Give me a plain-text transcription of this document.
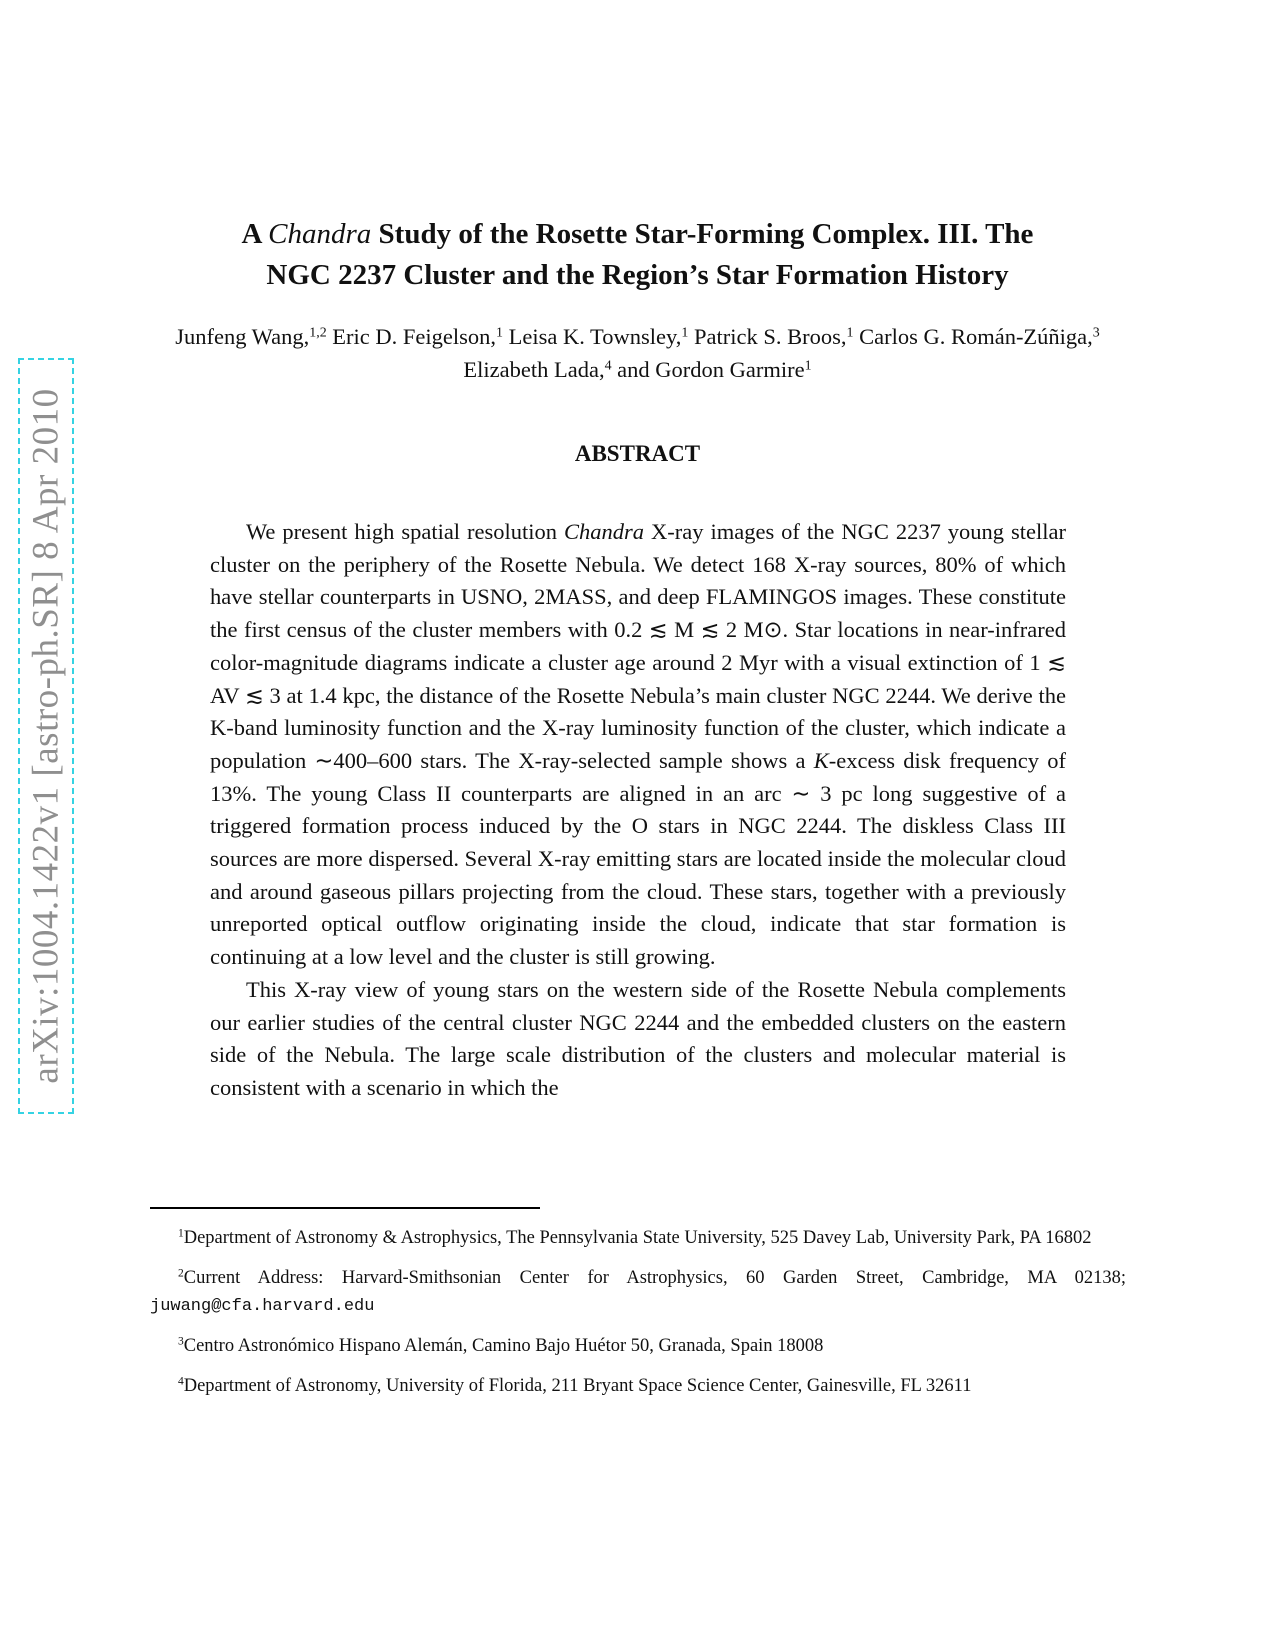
arXiv:1004.1422v1 [astro-ph.SR] 8 Apr 2010
A Chandra Study of the Rosette Star-Forming Complex. III. The
NGC 2237 Cluster and the Region’s Star Formation History
Junfeng Wang,$^{1,2}$ Eric D. Feigelson,$^1$ Leisa K. Townsley,$^1$ Patrick S. Broos,$^1$ Carlos G. Román-Zúñiga,$^3$ Elizabeth Lada,$^4$ and Gordon Garmire$^1$
ABSTRACT

We present high spatial resolution Chandra X-ray images of the NGC 2237 young stellar cluster on the periphery of the Rosette Nebula. We detect 168 X-ray sources, 80% of which have stellar counterparts in USNO, 2MASS, and deep FLAMINGOS images. These constitute the first census of the cluster members with 0.2 ≲ M ≲ 2 M⊙. Star locations in near-infrared color-magnitude diagrams indicate a cluster age around 2 Myr with a visual extinction of 1 ≲ AV ≲ 3 at 1.4 kpc, the distance of the Rosette Nebula’s main cluster NGC 2244. We derive the K-band luminosity function and the X-ray luminosity function of the cluster, which indicate a population ∼400–600 stars. The X-ray-selected sample shows a K-excess disk frequency of 13%. The young Class II counterparts are aligned in an arc ∼ 3 pc long suggestive of a triggered formation process induced by the O stars in NGC 2244. The diskless Class III sources are more dispersed. Several X-ray emitting stars are located inside the molecular cloud and around gaseous pillars projecting from the cloud. These stars, together with a previously unreported optical outflow originating inside the cloud, indicate that star formation is continuing at a low level and the cluster is still growing.

This X-ray view of young stars on the western side of the Rosette Nebula complements our earlier studies of the central cluster NGC 2244 and the embedded clusters on the eastern side of the Nebula. The large scale distribution of the clusters and molecular material is consistent with a scenario in which the

$^1$Department of Astronomy & Astrophysics, The Pennsylvania State University, 525 Davey Lab, University Park, PA 16802

$^2$Current Address: Harvard-Smithsonian Center for Astrophysics, 60 Garden Street, Cambridge, MA 02138; juwang@cfa.harvard.edu

$^3$Centro Astronómico Hispano Alemán, Camino Bajo Huétor 50, Granada, Spain 18008

$^4$Department of Astronomy, University of Florida, 211 Bryant Space Science Center, Gainesville, FL 32611
